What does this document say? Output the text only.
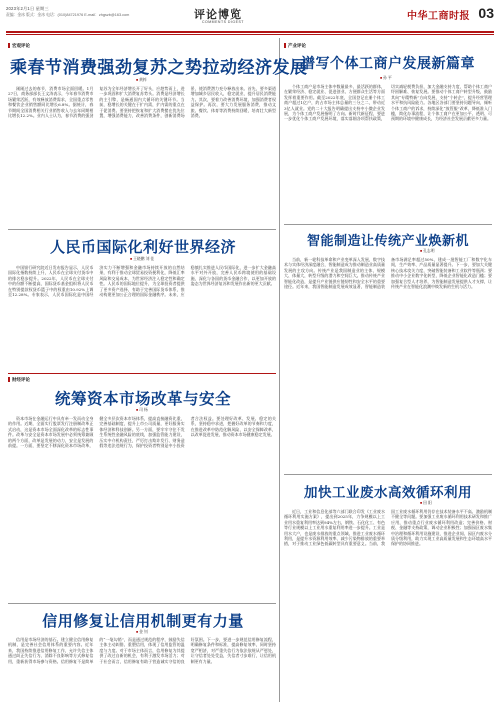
2023年2月1日 星期三
责编：金冰 版式：金冰 电话：(010)84721976 E-mail：zhgszb@163.com	评论博览
COMMENTS DIGEST	中华工商时报 03
宏观评论
乘春节消费强劲复苏之势拉动经济发展
■ 黄梓
刚刚过去的春节，消费市场全面回暖。1月27日，商务部部长王文涛表示，今年春节消费市场繁荣活跃，有效释放消费需求，全国重点零售和餐饮企业销售额同比增长6.8%。据统计，春节期间全国消费相关行业销售收入与去年同期相比增长12.2%。业内人士认为，春节消费的强劲复苏为全年经济增长开了好头，应趁势而上，进一步巩固和扩大消费复苏势头。消费是经济增长的主引擎，是畅通国内大循环的关键环节。当前，稳增长的关键在于扩内需，扩内需的重点在于促消费。要坚持把恢复和扩大消费摆在优先位置，增强消费能力，改善消费条件，创新消费场景，使消费潜力充分释放出来。首先，要多渠道增加城乡居民收入，稳定就业，提升居民消费能力。其次，要着力改善消费环境，加强消费者权益保护。再次，要大力发展服务消费，推动文旅、餐饮、体育等消费持续回暖，培育壮大新型消费。
人民币国际化利好世界经济
■ 王晓鹏 刘 佳
中国银行研究院近日发布报告显示，人民币国际化指数持续上升，人民币在全球支付货币中的排名稳步提升。2022年，人民币在全球支付中的份额不断提高，国际货币基金组织将人民币在特别提款权货币篮子中的权重由10.92%上调至12.28%。专家表示，人民币国际化是中国经济实力不断增强和金融市场持续开放的自然结果，有利于推动全球贸易投资便利化，降低汇率风险和交易成本，为世界经济注入稳定性和确定性。人民币的国际地位提升，为全球投资者提供了更多资产选择，有助于完善国际货币体系，推动构建更加公正合理的国际金融秩序。未来，应稳慎扎实推进人民币国际化，进一步扩大金融高水平对外开放，完善人民币跨境使用的基础设施，深化与各国的货币金融合作，以更加开放的姿态为世界经济复苏和发展作出新的更大贡献。
财经评论
统筹资本市场改革与安全
■ 司 杨
资本市场在金融运行中具有牵一发而动全身的作用。近期，全面实行股票发行注册制改革正式启动，这是资本市场全面深化改革的标志性事件。改革与安全是资本市场发展中必须统筹兼顾的两个方面，改革是发展的动力，安全是发展的前提。一方面，要坚定不移深化资本市场改革，健全多层次资本市场体系，提高直接融资比重，完善基础制度，提升上市公司质量，更好服务实体经济和科技创新。另一方面，要牢牢守住不发生系统性金融风险的底线，加强监管能力建设，压实中介机构责任，严厉打击欺诈发行、财务造假等违法违规行为，保护投资者特别是中小投资者合法权益。要处理好改革、发展、稳定的关系，坚持稳中求进，把握好改革的节奏和力度，在推进改革中防范化解风险，以安全保障改革，以改革促进发展，推动资本市场健康稳定发展。
信用修复让信用机制更有力量
■ 金 钊
信用是市场经济的基石。建立健全信用修复机制，是完善社会信用体系的重要内容。近年来，我国持续推进信用修复工作，允许失信主体通过纠正失信行为、消除不良影响等方式修复信用，重新获得市场参与资格。信用修复不是简单的“一笔勾销”，而是通过规范的程序，鼓励失信主体主动纠错、重塑信用，体现了信用监管的温度与力度。对于市场主体而言，信用修复为其提供了改过自新的机会，有利于激发市场活力；对于社会而言，信用修复有助于营造诚实守信的良好氛围。下一步，要进一步规范信用修复流程，明确修复条件和标准，提高修复效率，同时坚持宽严相济，对严重失信行为依法依规从严惩处，让守信者处处受益，失信者寸步难行，让信用机制更有力量。
产业评论
谱写个体工商户发展新篇章
■ 孙 平
个体工商户是市场主体中数量最多、最活跃的群体，在繁荣经济、稳定就业、促进创业、方便群众生活等方面发挥着重要作用。截至2022年底，全国登记在册个体工商户超过1亿户，约占市场主体总量的三分之二，带动近3亿人就业。党的二十大报告明确提出支持中小微企业发展，为个体工商户发展指明了方向。新时代新征程，要进一步优化个体工商户发展环境，落实落细各项帮扶政策，切实减轻税费负担，加大金融支持力度，帮助个体工商户纾困解难、恢复发展。要推动个体工商户转型升级，鼓励其向“专精特新”方向发展，支持“个转企”，提升经营管理水平和抗风险能力。各地区各部门要坚持问题导向，倾听个体工商户的诉求，持续深化“放管服”改革，降低准入门槛，简化办事流程，让个体工商户在更加公平、透明、可预期的环境中健康成长，为经济社会发展贡献更多力量。
智能制造让传统产业焕新机
■ 孔志明
当前，新一轮科技革命和产业变革深入发展，数字技术与实体经济深度融合，智能制造成为推动制造业高质量发展的主攻方向。传统产业是我国制造业的主体，规模大、体量大，转型升级的潜力和空间巨大。推动传统产业智能化改造，是提升产业链供应链韧性和安全水平的重要途径。近年来，我国智能制造发展成效显著，智能制造装备市场满足率超过50%，建成一批智能工厂和数字化车间，生产效率、产品质量显著提升。下一步，要加大关键核心技术攻关力度，突破智能装备和工业软件等瓶颈；要推动中小企业数字化转型，降低企业智能化改造门槛；要加强复合型人才培养，为智能制造发展提供人才支撑，让传统产业在智能化浪潮中焕发新的生机与活力。
加快工业废水高效循环利用
■ 田 阳
近日，工业和信息化部等六部门联合印发《工业废水循环利用实施方案》，提出到2025年，力争规模以上工业用水重复利用率达到94%左右，钢铁、石化化工、有色等行业规模以上工业用水重复利用率进一步提升。工业是用水大户，也是废水排放的重点领域。推进工业废水循环利用，是提升水资源利用效率、减少污染物排放的重要举措，对于推动工业绿色低碳转型具有重要意义。当前，我国工业废水循环利用仍存在技术装备水平不高、激励机制不健全等问题。要加强工业废水循环利用技术研发和推广应用，推动重点行业废水循环利用改造；完善价格、财税、金融等支持政策，调动企业积极性；加强园区废水集中治理和循环利用设施建设，推进企业间、园区内废水分质分级利用，助力实现工业高质量发展和生态环境高水平保护的协同推进。
